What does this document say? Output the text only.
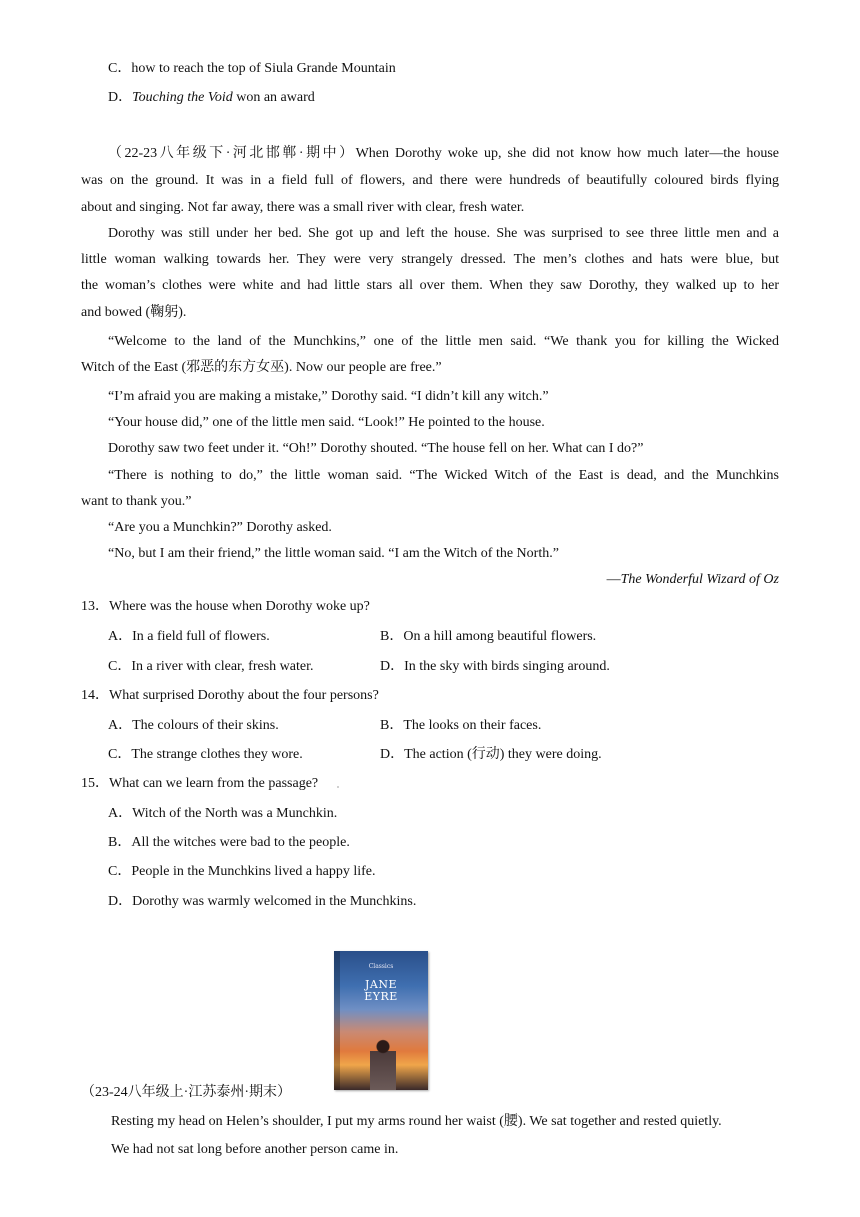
C．how to reach the top of Siula Grande Mountain
D．Touching the Void won an award
（22-23八年级下·河北邯郸·期中）When Dorothy woke up, she did not know how much later—the house
was on the ground. It was in a field full of flowers, and there were hundreds of beautifully coloured birds flying
about and singing. Not far away, there was a small river with clear, fresh water.
Dorothy was still under her bed. She got up and left the house. She was surprised to see three little men and a
little woman walking towards her. They were very strangely dressed. The men’s clothes and hats were blue, but
the woman’s clothes were white and had little stars all over them. When they saw Dorothy, they walked up to her
and bowed (鞠躬).
“Welcome to the land of the Munchkins,” one of the little men said. “We thank you for killing the Wicked
Witch of the East (邪恶的东方女巫). Now our people are free.”
“I’m afraid you are making a mistake,” Dorothy said. “I didn’t kill any witch.”
“Your house did,” one of the little men said. “Look!” He pointed to the house.
Dorothy saw two feet under it. “Oh!” Dorothy shouted. “The house fell on her. What can I do?”
“There is nothing to do,” the little woman said. “The Wicked Witch of the East is dead, and the Munchkins
want to thank you.”
“Are you a Munchkin?” Dorothy asked.
“No, but I am their friend,” the little woman said. “I am the Witch of the North.”
—The Wonderful Wizard of Oz
13．Where was the house when Dorothy woke up?
A．In a field full of flowers.	B．On a hill among beautiful flowers.
C．In a river with clear, fresh water.	D．In the sky with birds singing around.
14．What surprised Dorothy about the four persons?
A．The colours of their skins.	B．The looks on their faces.
C．The strange clothes they wore.	D．The action (行动) they were doing.
15．What can we learn from the passage?
A．Witch of the North was a Munchkin.
B．All the witches were bad to the people.
C．People in the Munchkins lived a happy life.
D．Dorothy was warmly welcomed in the Munchkins.
Classics
JANE
EYRE
（23-24八年级上·江苏泰州·期末）
Resting my head on Helen’s shoulder, I put my arms round her waist (腰). We sat together and rested quietly.
We had not sat long before another person came in.
